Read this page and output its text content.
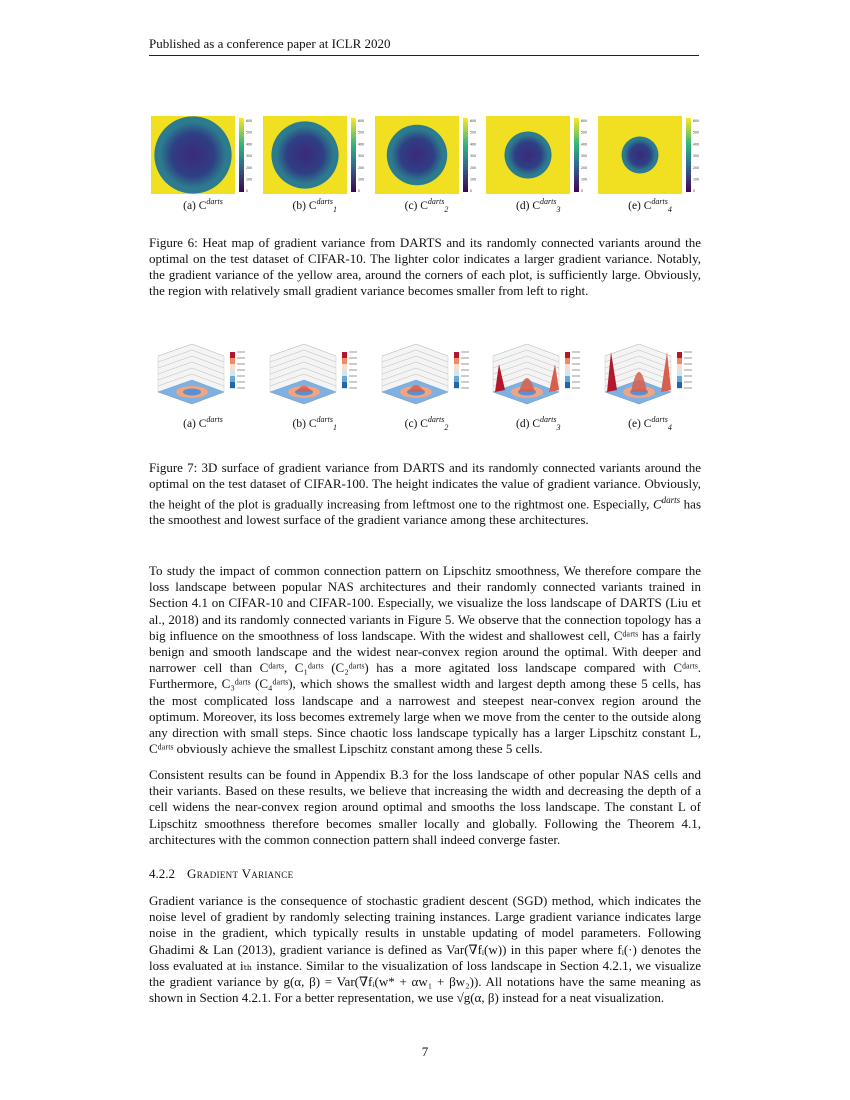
Published as a conference paper at ICLR 2020
600
500
400
300
200
100
0
(a) $C^{darts}$
600
500
400
300
200
100
0
(b) $C^{darts}_1$
600
500
400
300
200
100
0
(c) $C^{darts}_2$
600
500
400
300
200
100
0
(d) $C^{darts}_3$
600
500
400
300
200
100
0
(e) $C^{darts}_4$
Figure 6: Heat map of gradient variance from DARTS and its randomly connected variants around the optimal on the test dataset of CIFAR-10. The lighter color indicates a larger gradient variance. Notably, the gradient variance of the yellow area, around the corners of each plot, is sufficiently large. Obviously, the region with relatively small gradient variance becomes smaller from left to right.
(a) $C^{darts}$	(b) $C^{darts}_1$	(c) $C^{darts}_2$	(d) $C^{darts}_3$	(e) $C^{darts}_4$
Figure 7: 3D surface of gradient variance from DARTS and its randomly connected variants around the optimal on the test dataset of CIFAR-100. The height indicates the value of gradient variance. Obviously, the height of the plot is gradually increasing from leftmost one to the rightmost one. Especially, $C^{darts}$ has the smoothest and lowest surface of the gradient variance among these architectures.
To study the impact of common connection pattern on Lipschitz smoothness, We therefore compare the loss landscape between popular NAS architectures and their randomly connected variants trained in Section 4.1 on CIFAR-10 and CIFAR-100. Especially, we visualize the loss landscape of DARTS (Liu et al., 2018) and its randomly connected variants in Figure 5. We observe that the connection topology has a big influence on the smoothness of loss landscape. With the widest and shallowest cell, Cᵈᵃʳᵗˢ has a fairly benign and smooth landscape and the widest near-convex region around the optimal. With deeper and narrower cell than Cᵈᵃʳᵗˢ, C₁ᵈᵃʳᵗˢ (C₂ᵈᵃʳᵗˢ) has a more agitated loss landscape compared with Cᵈᵃʳᵗˢ. Furthermore, C₃ᵈᵃʳᵗˢ (C₄ᵈᵃʳᵗˢ), which shows the smallest width and largest depth among these 5 cells, has the most complicated loss landscape and a narrowest and steepest near-convex region around the optimum. Moreover, its loss becomes extremely large when we move from the center to the outside along any direction with small steps. Since chaotic loss landscape typically has a larger Lipschitz constant L, Cᵈᵃʳᵗˢ obviously achieve the smallest Lipschitz constant among these 5 cells.
Consistent results can be found in Appendix B.3 for the loss landscape of other popular NAS cells and their variants. Based on these results, we believe that increasing the width and decreasing the depth of a cell widens the near-convex region around optimal and smooths the loss landscape. The constant L of Lipschitz smoothness therefore becomes smaller locally and globally. Following the Theorem 4.1, architectures with the common connection pattern shall indeed converge faster.
4.2.2 Gradient Variance
Gradient variance is the consequence of stochastic gradient descent (SGD) method, which indicates the noise level of gradient by randomly selecting training instances. Large gradient variance indicates large noise in the gradient, which typically results in unstable updating of model parameters. Following Ghadimi & Lan (2013), gradient variance is defined as Var(∇fᵢ(w)) in this paper where fᵢ(·) denotes the loss evaluated at iₜₕ instance. Similar to the visualization of loss landscape in Section 4.2.1, we visualize the gradient variance by g(α, β) = Var(∇fᵢ(w* + αw₁ + βw₂)). All notations have the same meaning as shown in Section 4.2.1. For a better representation, we use √g(α, β) instead for a neat visualization.
7
